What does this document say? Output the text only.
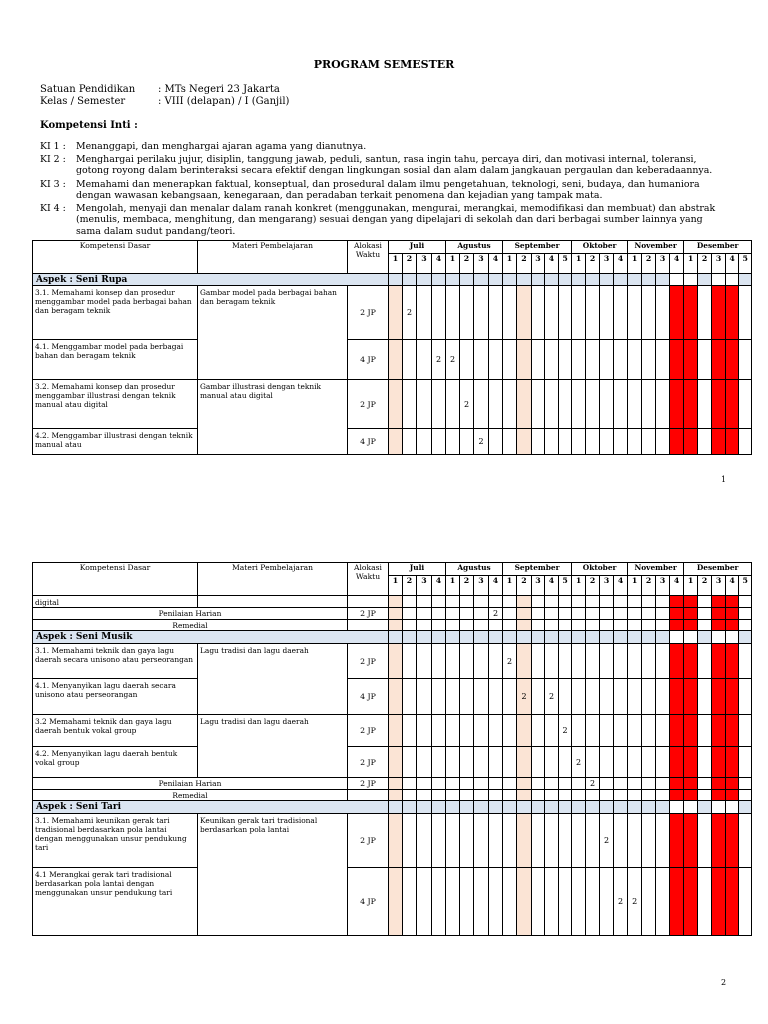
PROGRAM SEMESTER
Satuan Pendidikan : MTs Negeri 23 Jakarta
Kelas / Semester	: VIII (delapan) / I (Ganjil)
Kompetensi Inti :
KI 1 :	Menanggapi, dan menghargai ajaran agama yang dianutnya.
KI 2 :	Menghargai perilaku jujur, disiplin, tanggung jawab, peduli, santun, rasa ingin tahu, percaya diri, dan motivasi internal, toleransi,
gotong royong dalam berinteraksi secara efektif dengan lingkungan sosial dan alam dalam jangkauan pergaulan dan keberadaannya.
KI 3 :	Memahami dan menerapkan faktual, konseptual, dan prosedural dalam ilmu pengetahuan, teknologi, seni, budaya, dan humaniora
dengan wawasan kebangsaan, kenegaraan, dan peradaban terkait penomena dan kejadian yang tampak mata.
KI 4 :	Mengolah, menyaji dan menalar dalam ranah konkret (menggunakan, mengurai, merangkai, memodifikasi dan membuat) dan abstrak
(menulis, membaca, menghitung, dan mengarang) sesuai dengan yang dipelajari di sekolah dan dari berbagai sumber lainnya yang
sama dalam sudut pandang/teori.
Kompetensi Dasar	Materi Pembelajaran	Alokasi Waktu	Juli				Agustus				September					Oktober				November				Desember				
			1	2	3	4	1	2	3	4	1	2	3	4	5	1	2	3	4	1	2	3	4	1	2	3	4	5
Aspek : Seni Rupa																												
3.1. Memahami konsep dan prosedur menggambar model pada berbagai bahan dan beragam teknik	Gambar model pada berbagai bahan dan beragam teknik	2 JP		2																								
4.1. Menggambar model pada berbagai bahan dan beragam teknik		4 JP				2	2																					
3.2. Memahami konsep dan prosedur menggambar illustrasi dengan teknik manual atau digital	Gambar illustrasi dengan teknik manual atau digital	2 JP						2																				
4.2. Menggambar illustrasi dengan teknik manual atau		4 JP							2																			
1
Kompetensi Dasar	Materi Pembelajaran	Alokasi Waktu	Juli				Agustus				September					Oktober				November				Desember				
			1	2	3	4	1	2	3	4	1	2	3	4	5	1	2	3	4	1	2	3	4	1	2	3	4	5
digital																												
Penilaian Harian		2 JP								2																		
Remedial																												
Aspek : Seni Musik																												
3.1. Memahami teknik dan gaya lagu daerah secara unisono atau perseorangan	Lagu tradisi dan lagu daerah	2 JP									2																	
4.1. Menyanyikan lagu daerah secara unisono atau perseorangan		4 JP										2		2														
3.2 Memahami teknik dan gaya lagu daerah bentuk vokal group	Lagu tradisi dan lagu daerah	2 JP													2													
4.2. Menyanyikan lagu daerah bentuk vokal group		2 JP														2												
Penilaian Harian		2 JP															2											
Remedial																												
Aspek : Seni Tari																												
3.1. Memahami keunikan gerak tari tradisional berdasarkan pola lantai dengan menggunakan unsur pendukung tari	Keunikan gerak tari tradisional berdasarkan pola lantai	2 JP																2										
4.1 Merangkai gerak tari tradisional berdasarkan pola lantai dengan menggunakan unsur pendukung tari		4 JP																	2	2								
2
